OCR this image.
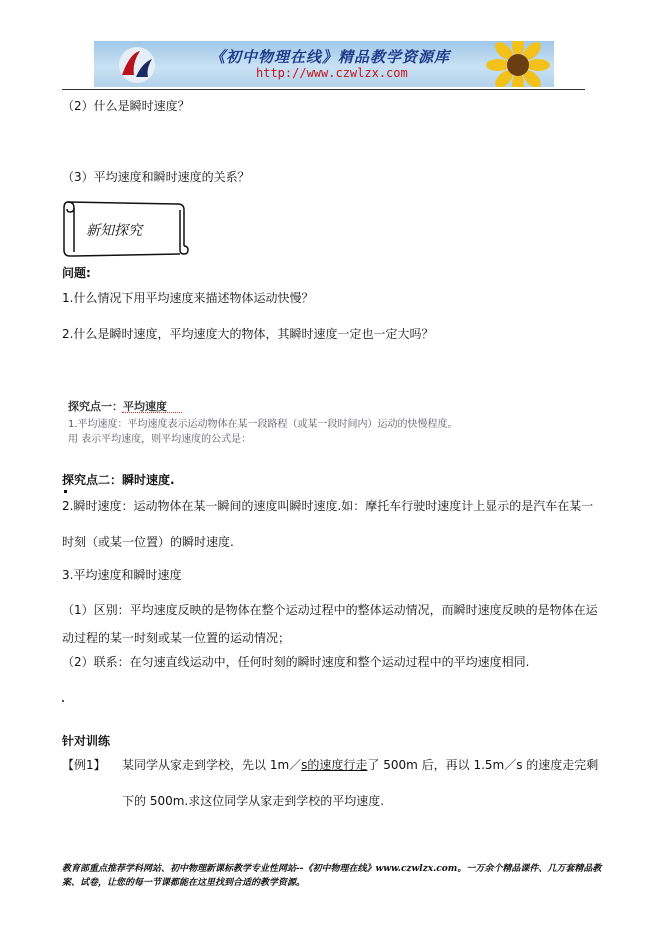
《初中物理在线》精品教学资源库
http://www.czwlzx.com
（2）什么是瞬时速度？
（3）平均速度和瞬时速度的关系？
新知探究
问题:
1.什么情况下用平均速度来描述物体运动快慢？
2.什么是瞬时速度，平均速度大的物体，其瞬时速度一定也一定大吗？
探究点一：平均速度
1.平均速度：平均速度表示运动物体在某一段路程（或某一段时间内）运动的快慢程度。
用 表示平均速度，则平均速度的公式是：
探究点二：瞬时速度.
2.瞬时速度：运动物体在某一瞬间的速度叫瞬时速度.如：摩托车行驶时速度计上显示的是汽车在某一
时刻（或某一位置）的瞬时速度.
3.平均速度和瞬时速度
（1）区别：平均速度反映的是物体在整个运动过程中的整体运动情况，而瞬时速度反映的是物体在运
动过程的某一时刻或某一位置的运动情况；
（2）联系：在匀速直线运动中，任何时刻的瞬时速度和整个运动过程中的平均速度相同.
针对训练
【例1】 某同学从家走到学校，先以 1m／s的速度行走了 500m 后，再以 1.5m／s 的速度走完剩
下的 500m.求这位同学从家走到学校的平均速度.
教育部重点推荐学科网站、初中物理新课标教学专业性网站--《初中物理在线》www.czwlzx.com。一万余个精品课件、几万套精品教案、试卷，让您的每一节课都能在这里找到合适的教学资源。
